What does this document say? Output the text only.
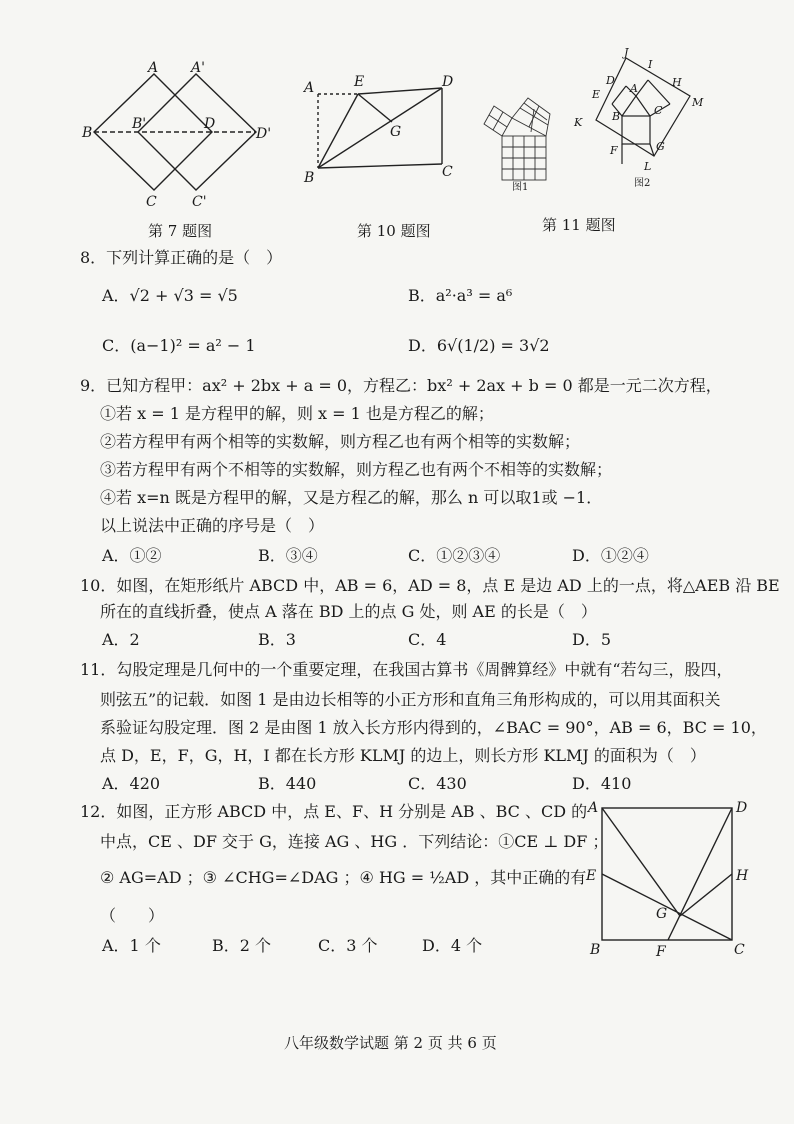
A A'
B
B'	D
D'
C	C'
第 7 题图
A	E	D
G
B	C
第 10 题图
图1
J
I
D
E	A	H
M
K	B	C
F	G
L
图2
第 11 题图
8．下列计算正确的是（　）
A．√2 + √3 = √5	B．a²·a³ = a⁶
C．(a−1)² = a² − 1	D．6√(1/2) = 3√2
9．已知方程甲：ax² + 2bx + a = 0，方程乙：bx² + 2ax + b = 0 都是一元二次方程，
①若 x = 1 是方程甲的解，则 x = 1 也是方程乙的解；
②若方程甲有两个相等的实数解，则方程乙也有两个相等的实数解；
③若方程甲有两个不相等的实数解，则方程乙也有两个不相等的实数解；
④若 x=n 既是方程甲的解，又是方程乙的解，那么 n 可以取1或 −1．
以上说法中正确的序号是（　）
A．①②	B．③④	C．①②③④	D．①②④
10．如图，在矩形纸片 ABCD 中，AB = 6，AD = 8，点 E 是边 AD 上的一点，将△AEB 沿 BE
所在的直线折叠，使点 A 落在 BD 上的点 G 处，则 AE 的长是（　）
A．2	B．3	C．4	D．5
11．勾股定理是几何中的一个重要定理，在我国古算书《周髀算经》中就有“若勾三，股四，
则弦五”的记载．如图 1 是由边长相等的小正方形和直角三角形构成的，可以用其面积关
系验证勾股定理．图 2 是由图 1 放入长方形内得到的，∠BAC = 90°，AB = 6，BC = 10，
点 D，E，F，G，H，I 都在长方形 KLMJ 的边上，则长方形 KLMJ 的面积为（　）
A．420	B．440	C．430	D．410
12．如图，正方形 ABCD 中，点 E、F、H 分别是 AB 、BC 、CD 的
中点，CE 、DF 交于 G，连接 AG 、HG ．下列结论：①CE ⊥ DF ；
② AG=AD ；③ ∠CHG=∠DAG ；④ HG = ½AD ，其中正确的有
（　　）
A．1 个	B．2 个	C．3 个	D．4 个
A	D
E	H
G
B	F	C
八年级数学试题 第 2 页 共 6 页
